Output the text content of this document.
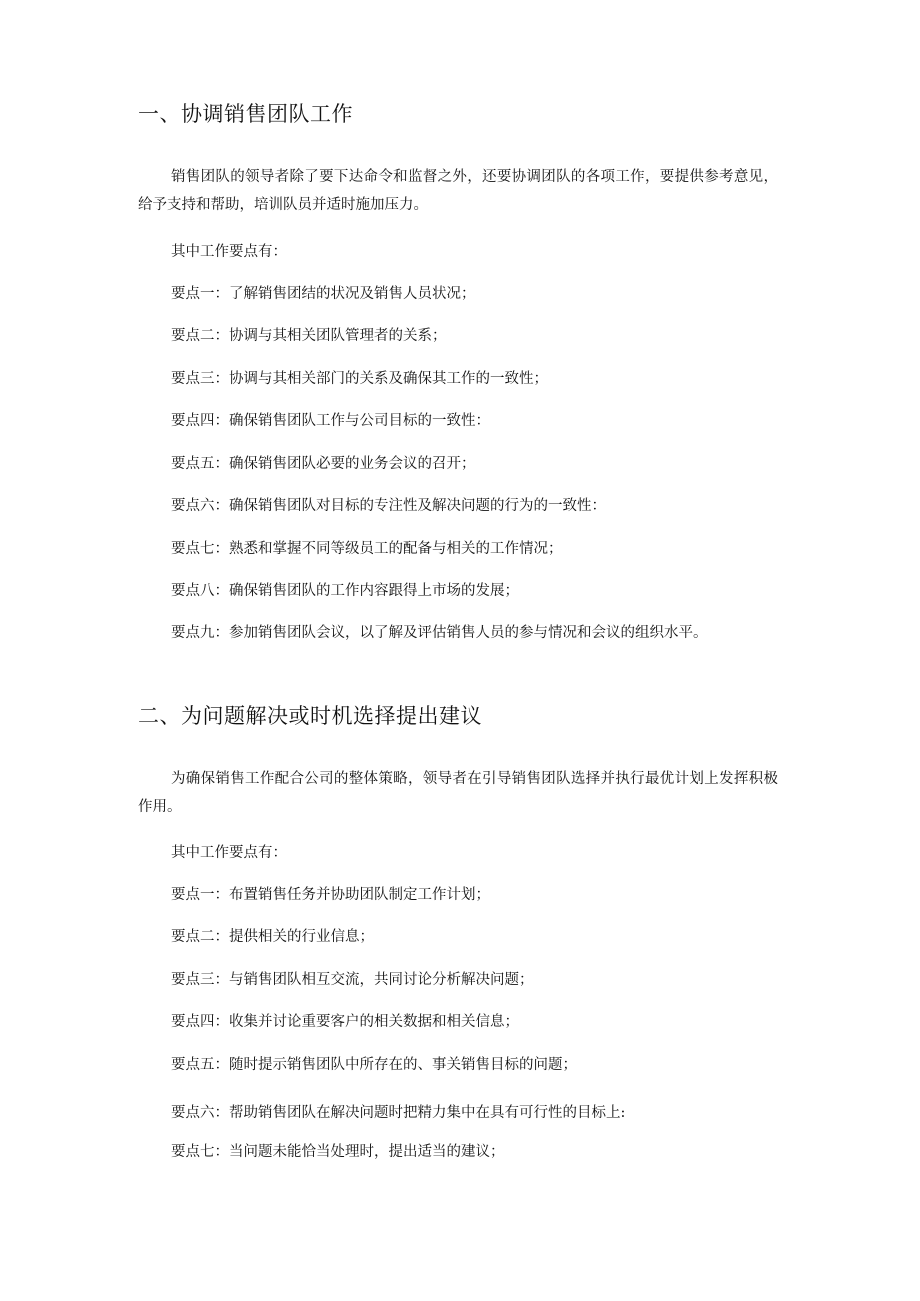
一、协调销售团队工作
销售团队的领导者除了要下达命令和监督之外，还要协调团队的各项工作，要提供参考意见，给予支持和帮助，培训队员并适时施加压力。
其中工作要点有：
要点一：了解销售团结的状况及销售人员状况；
要点二：协调与其相关团队管理者的关系；
要点三：协调与其相关部门的关系及确保其工作的一致性；
要点四：确保销售团队工作与公司目标的一致性：
要点五：确保销售团队必要的业务会议的召开；
要点六：确保销售团队对目标的专注性及解决问题的行为的一致性：
要点七：熟悉和掌握不同等级员工的配备与相关的工作情况；
要点八：确保销售团队的工作内容跟得上市场的发展；
要点九：参加销售团队会议，以了解及评估销售人员的参与情况和会议的组织水平。
二、为问题解决或时机选择提出建议
为确保销售工作配合公司的整体策略，领导者在引导销售团队选择并执行最优计划上发挥积极作用。
其中工作要点有：
要点一：布置销售任务并协助团队制定工作计划；
要点二：提供相关的行业信息；
要点三：与销售团队相互交流，共同讨论分析解决问题；
要点四：收集并讨论重要客户的相关数据和相关信息；
要点五：随时提示销售团队中所存在的、事关销售目标的问题；
要点六：帮助销售团队在解决问题时把精力集中在具有可行性的目标上:
要点七：当问题未能恰当处理时，提出适当的建议；
